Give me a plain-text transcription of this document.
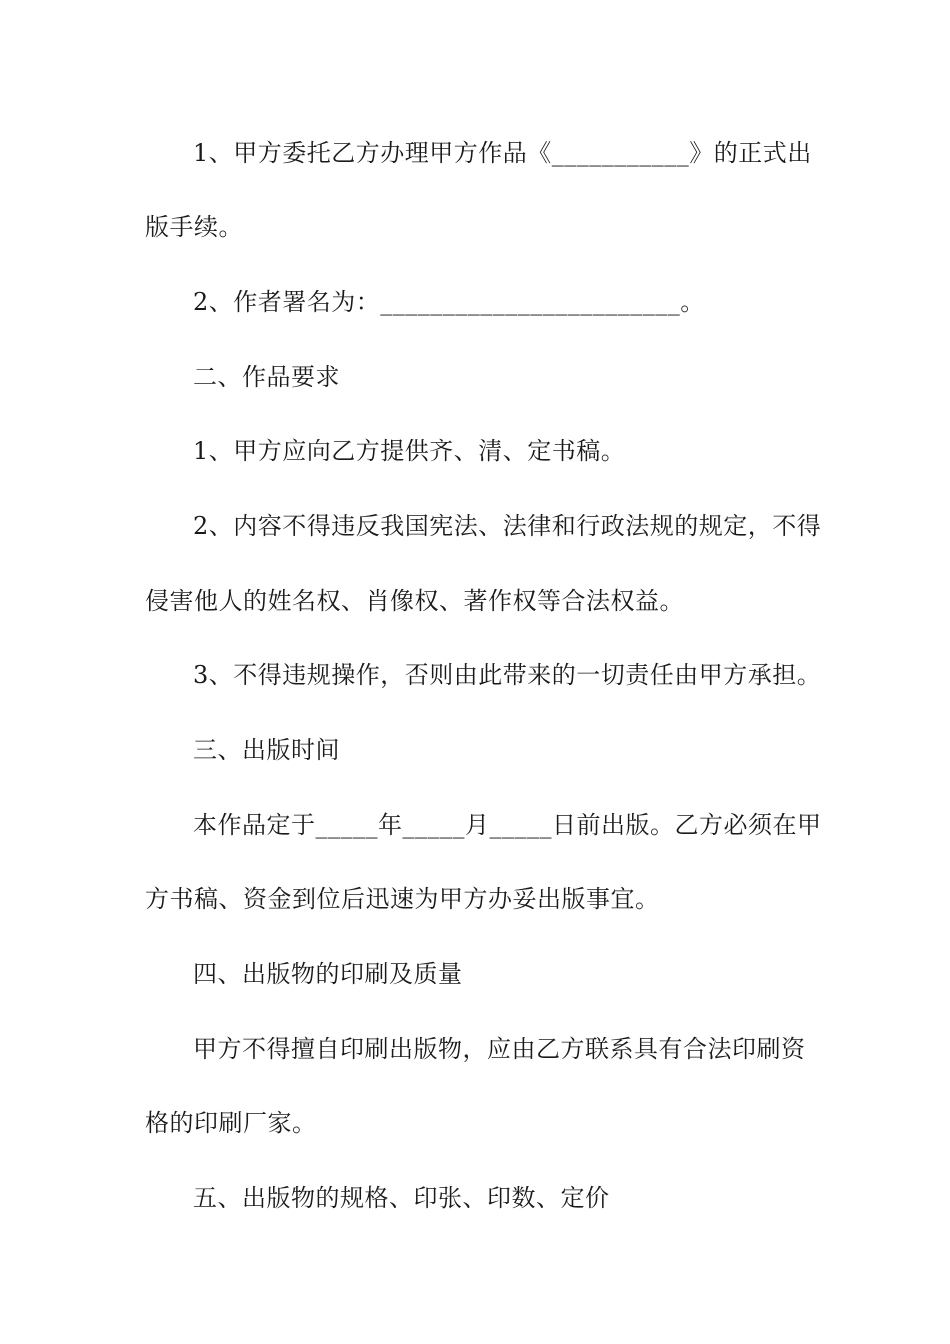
1、甲方委托乙方办理甲方作品《___________》的正式出
版手续。
2、作者署名为：________________________。
二、作品要求
1、甲方应向乙方提供齐、清、定书稿。
2、内容不得违反我国宪法、法律和行政法规的规定，不得
侵害他人的姓名权、肖像权、著作权等合法权益。
3、不得违规操作，否则由此带来的一切责任由甲方承担。
三、出版时间
本作品定于_____年_____月_____日前出版。乙方必须在甲
方书稿、资金到位后迅速为甲方办妥出版事宜。
四、出版物的印刷及质量
甲方不得擅自印刷出版物，应由乙方联系具有合法印刷资
格的印刷厂家。
五、出版物的规格、印张、印数、定价
